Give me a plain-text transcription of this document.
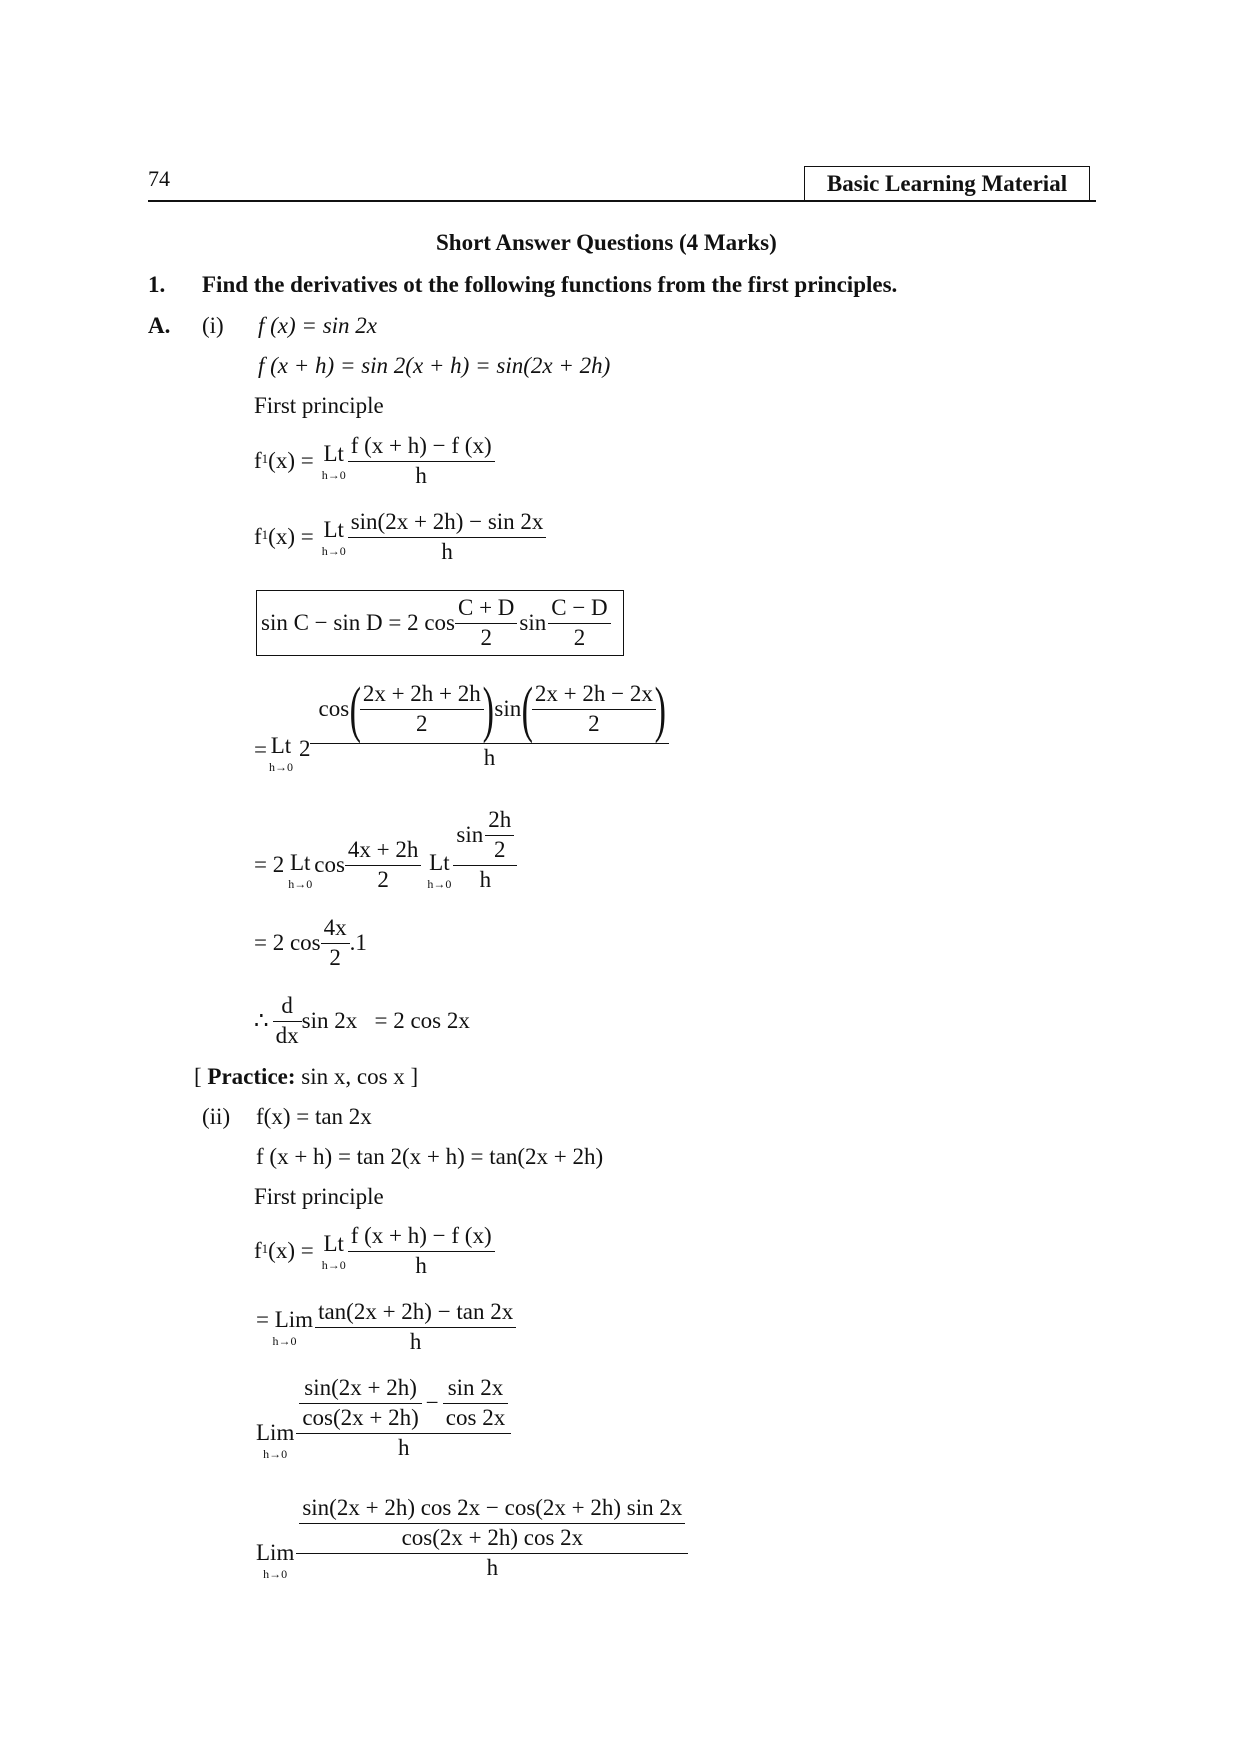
74	Basic Learning Material
Short Answer Questions (4 Marks)
1. Find the derivatives ot the following functions from the first principles.
A. (i) f (x) = sin 2x
f (x + h) = sin 2(x + h) = sin(2x + 2h)
First principle
f 1 (x) = Lt
$h\to 0 \frac{f (x + h) - f (x)}{h}$
f 1 (x) = Lt
$h\to 0 \frac{\sin(2x + 2h) - \sin 2x}{h}$
sin C − sin D = 2 $\cos \frac{C + D}{2}$ $\sin \frac{C - D}{2}$
= Lt
h→0
2
cos (
$\frac{2x + 2h + 2h}{2}$
) sin (
$\frac{2x + 2h - 2x}{2}$
)
h
= 2 Lt
h→0
$\cos \frac{4x + 2h}{2}$ Lt
$h\to 0 \frac{\sin \frac{2h}{2}}{h}$
= 2 $\cos \frac{4x}{2} .1$
∴ $\frac{d}{dx}$ sin 2x   = 2 cos 2x
[ Practice: sin x, cos x ]
(ii) f(x) = tan 2x
f (x + h) = tan 2(x + h) = tan(2x + 2h)
First principle
f 1 (x) = Lt
$h\to 0 \frac{f (x + h) - f (x)}{h}$
= Lim
$h\to 0 \frac{\tan(2x + 2h) - \tan 2x}{h}$
Lim
$h\to 0 \frac{\frac{\sin(2x + 2h)}{\cos(2x + 2h)} - \frac{\sin 2x}{\cos 2x}}{h}$
Lim
$h\to 0 \frac{\frac{\sin(2x + 2h) \cos 2x - \cos(2x + 2h) \sin 2x}{\cos(2x + 2h) \cos 2x}}{h}$
